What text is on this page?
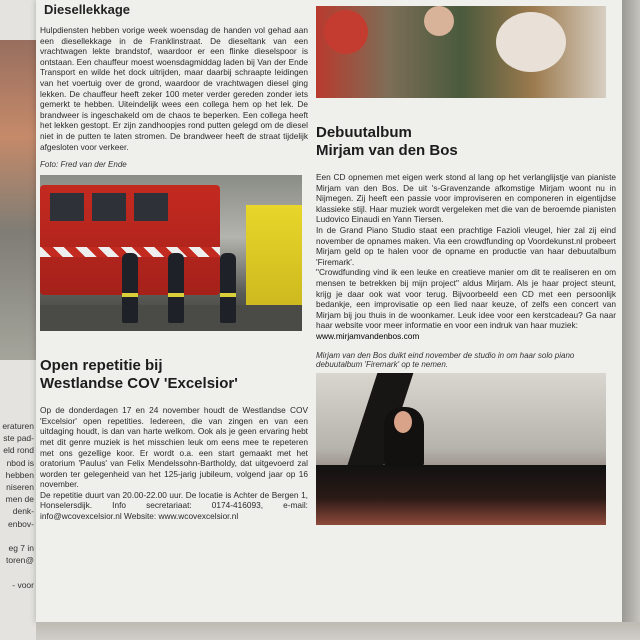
eraturen
ste pad-
eld rond
nbod is
hebben
niseren
men de
denk-
enbov-

eg 7 in
toren@

- voor
Diesellekkage

Hulpdiensten hebben vorige week woensdag de handen vol gehad aan een diesellekkage in de Franklinstraat. De dieseltank van een vrachtwagen lekte brandstof, waardoor er een flinke dieselspoor is ontstaan. Een chauffeur moest woensdagmiddag laden bij Van der Ende Transport en wilde het dock uitrijden, maar daarbij schraapte leidingen van het voertuig over de grond, waardoor de vrachtwagen diesel ging lekken. De chauffeur heeft zeker 100 meter verder gereden zonder iets gemerkt te hebben. Uiteindelijk wees een collega hem op het lek. De brandweer is ingeschakeld om de chaos te beperken. Een collega heeft het lekken gestopt. Er zijn zandhoopjes rond putten gelegd om de diesel niet in de putten te laten stromen. De brandweer heeft de straat tijdelijk afgesloten voor verkeer.

Foto: Fred van der Ende
Open repetitie bij
Westlandse COV 'Excelsior'

Op de donderdagen 17 en 24 november houdt de Westlandse COV 'Excelsior' open repetities. Iedereen, die van zingen en van een uitdaging houdt, is dan van harte welkom. Ook als je geen ervaring hebt met dit genre muziek is het misschien leuk om eens mee te repeteren met ons gezellige koor. Er wordt o.a. een start gemaakt met het oratorium 'Paulus' van Felix Mendelssohn-Bartholdy, dat uitgevoerd zal worden ter gelegenheid van het 125-jarig jubileum, volgend jaar op 16 november.

De repetitie duurt van 20.00-22.00 uur. De locatie is Achter de Bergen 1, Honselersdijk. Info secretariaat: 0174-416093, e-mail: info@wcovexcelsior.nl Website: www.wcovexcelsior.nl

Debuutalbum
Mirjam van den Bos

Een CD opnemen met eigen werk stond al lang op het verlanglijstje van pianiste Mirjam van den Bos. De uit 's-Gravenzande afkomstige Mirjam woont nu in Nijmegen. Zij heeft een passie voor improviseren en componeren in eigentijdse klassieke stijl. Haar muziek wordt vergeleken met die van de beroemde pianisten Ludovico Einaudi en Yann Tiersen.

In de Grand Piano Studio staat een prachtige Fazioli vleugel, hier zal zij eind november de opnames maken. Via een crowdfunding op Voordekunst.nl probeert Mirjam geld op te halen voor de opname en productie van haar debuutalbum 'Firemark'.

"Crowdfunding vind ik een leuke en creatieve manier om dit te realiseren en om mensen te betrekken bij mijn project" aldus Mirjam. Als je haar project steunt, krijg je daar ook wat voor terug. Bijvoorbeeld een CD met een persoonlijk bedankje, een improvisatie op een lied naar keuze, of zelfs een concert van Mirjam bij jou thuis in de woonkamer. Leuk idee voor een kerstcadeau? Ga naar haar website voor meer informatie en voor een indruk van haar muziek:

www.mirjamvandenbos.com
Mirjam van den Bos duikt eind november de studio in om haar solo piano debuutalbum 'Firemark' op te nemen.
